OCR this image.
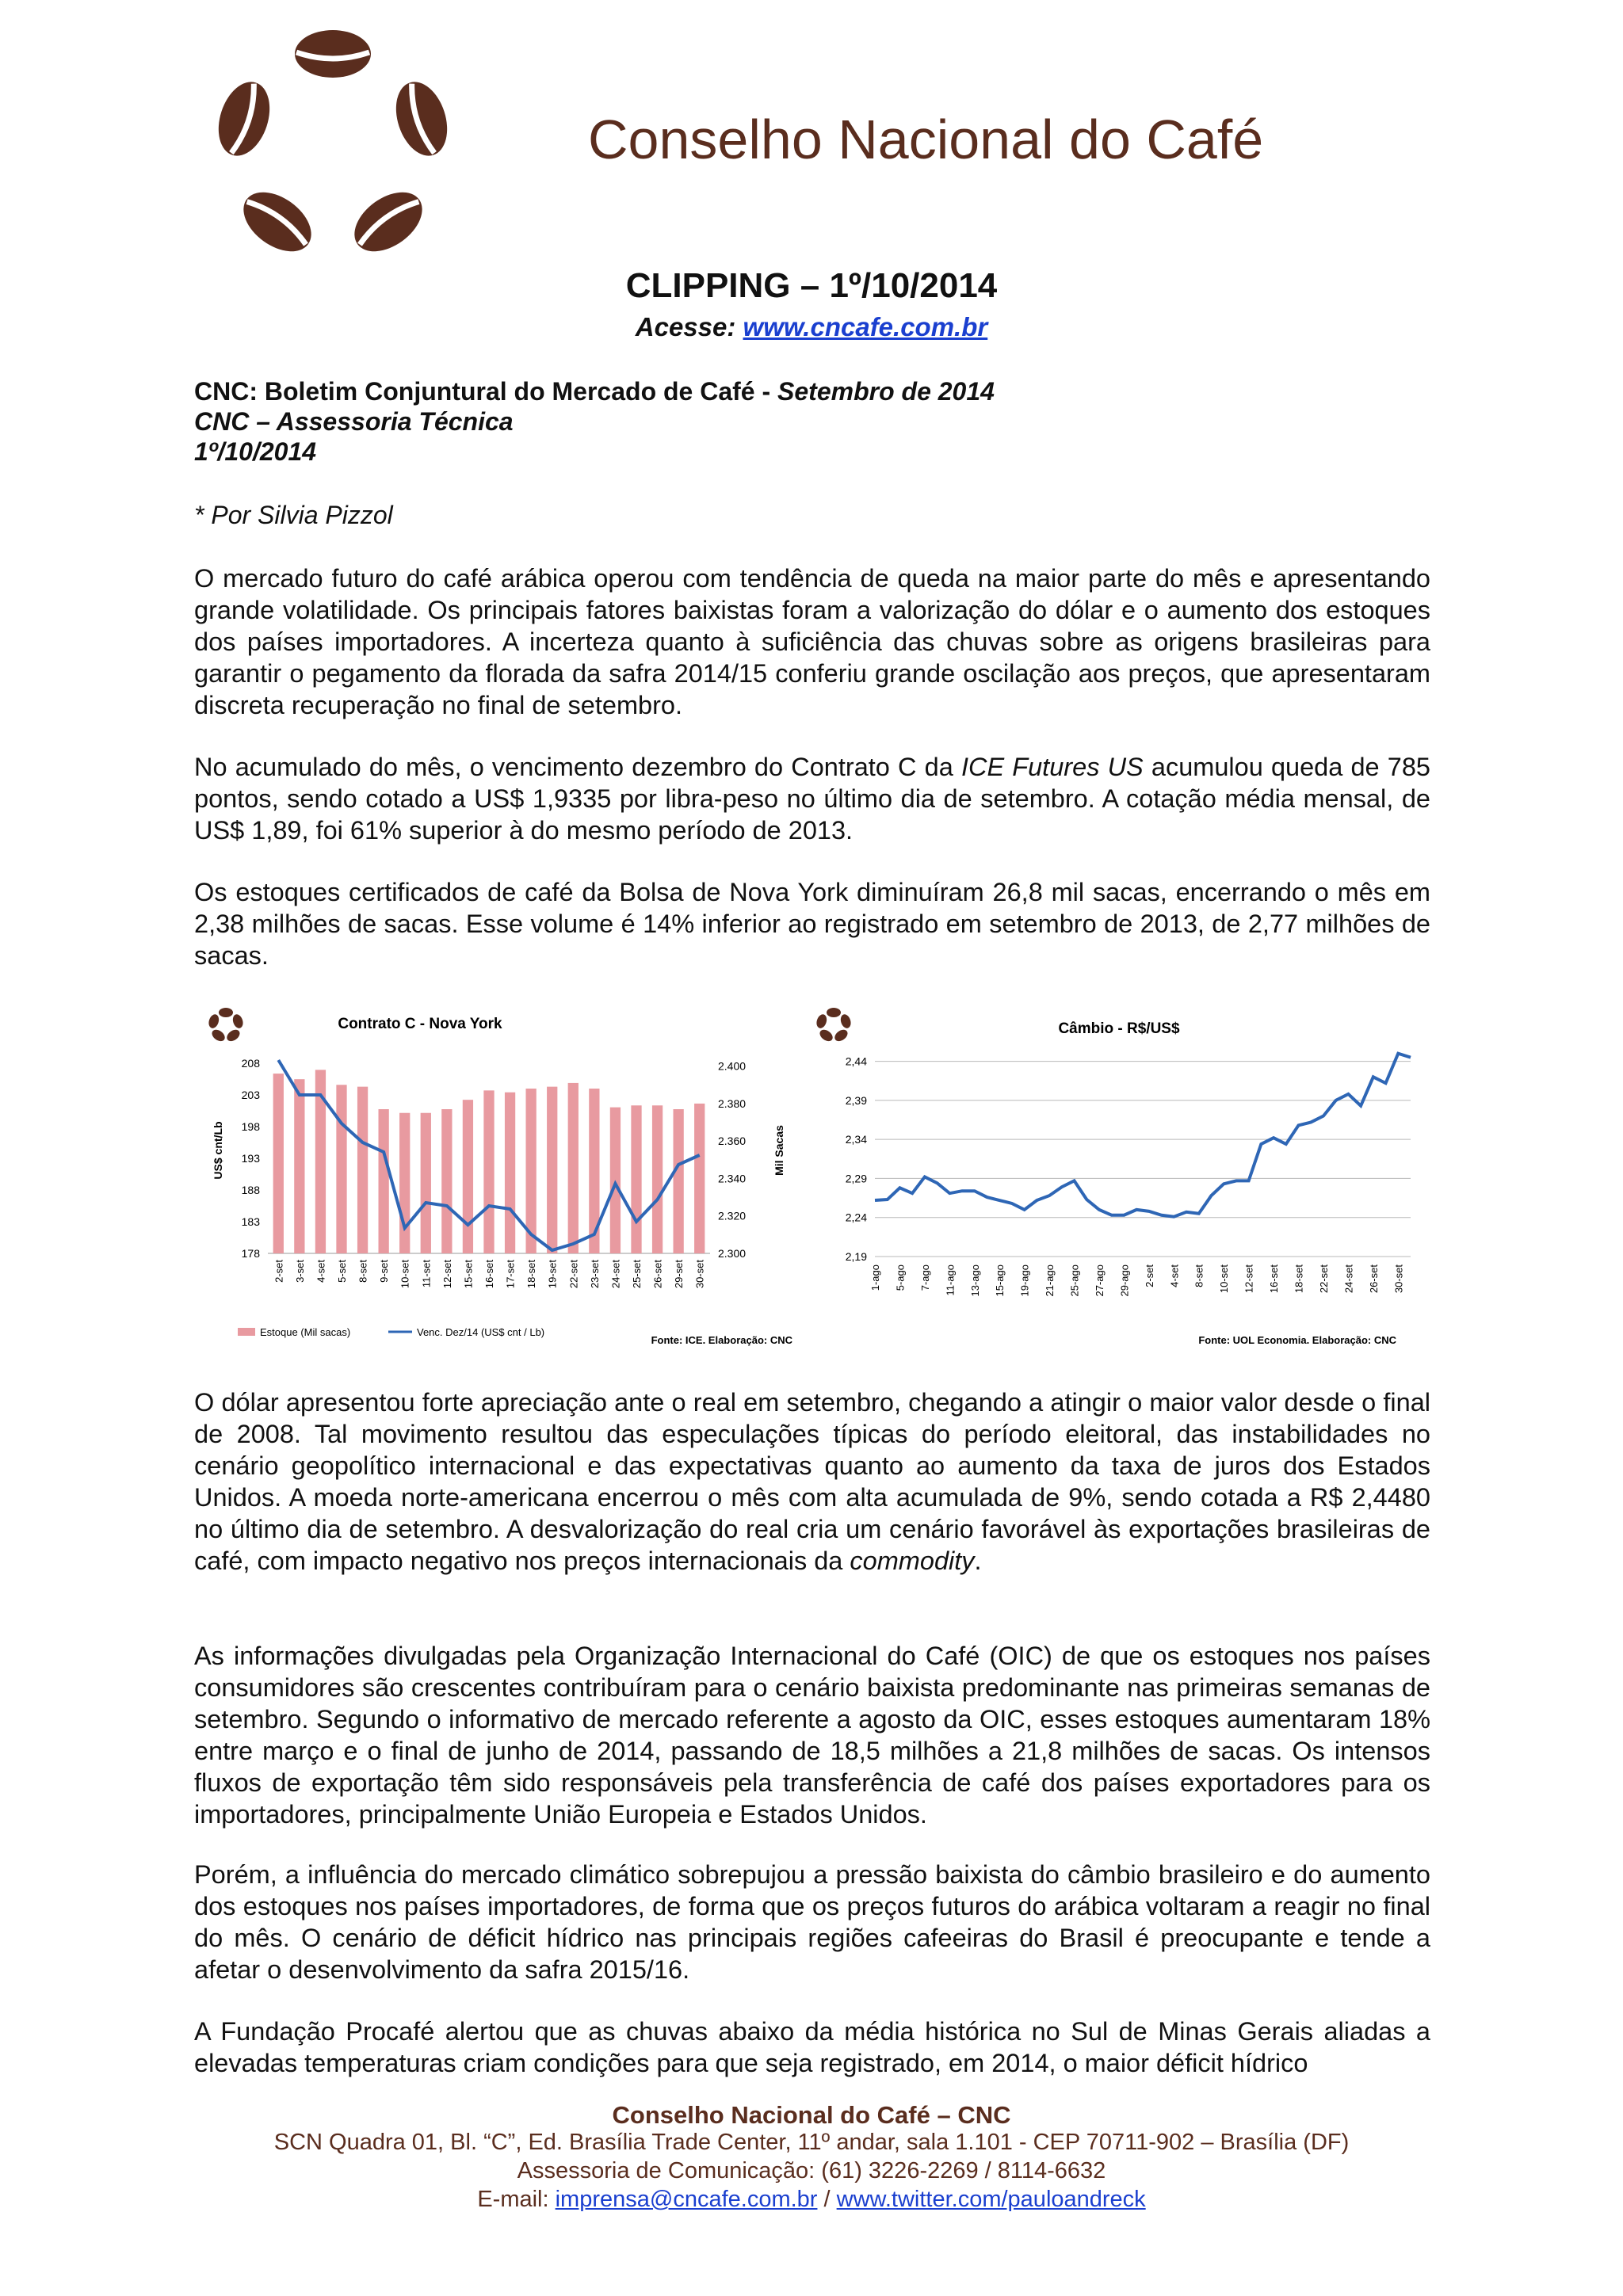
Conselho Nacional do Café
CLIPPING – 1º/10/2014
Acesse: www.cncafe.com.br
CNC: Boletim Conjuntural do Mercado de Café - Setembro de 2014
CNC – Assessoria Técnica
1º/10/2014
* Por Silvia Pizzol

O mercado futuro do café arábica operou com tendência de queda na maior parte do mês e apresentando grande volatilidade. Os principais fatores baixistas foram a valorização do dólar e o aumento dos estoques dos países importadores. A incerteza quanto à suficiência das chuvas sobre as origens brasileiras para garantir o pegamento da florada da safra 2014/15 conferiu grande oscilação aos preços, que apresentaram discreta recuperação no final de setembro.

No acumulado do mês, o vencimento dezembro do Contrato C da ICE Futures US acumulou queda de 785 pontos, sendo cotado a US$ 1,9335 por libra-peso no último dia de setembro. A cotação média mensal, de US$ 1,89, foi 61% superior à do mesmo período de 2013.

Os estoques certificados de café da Bolsa de Nova York diminuíram 26,8 mil sacas, encerrando o mês em 2,38 milhões de sacas. Esse volume é 14% inferior ao registrado em setembro de 2013, de 2,77 milhões de sacas.

Contrato C - Nova York
178
183
188
193
198
203
208
2.300
2.320
2.340
2.360
2.380
2.400
US$ cnt/Lb	Mil Sacas
2-set 3-set 4-set 5-set 8-set 9-set 10-set 11-set 12-set 15-set 16-set 17-set 18-set 19-set 22-set 23-set 24-set 25-set 26-set 29-set 30-set
Estoque (Mil sacas)	Venc. Dez/14 (US$ cnt / Lb)
Fonte: ICE. Elaboração: CNC
Câmbio - R$/US$
2,19
2,24
2,29
2,34
2,39
2,44
1-ago 5-ago 7-ago 11-ago 13-ago 15-ago 19-ago 21-ago 25-ago 27-ago 29-ago 2-set 4-set 8-set 10-set 12-set 16-set 18-set 22-set 24-set 26-set 30-set
Fonte: UOL Economia. Elaboração: CNC

O dólar apresentou forte apreciação ante o real em setembro, chegando a atingir o maior valor desde o final de 2008. Tal movimento resultou das especulações típicas do período eleitoral, das instabilidades no cenário geopolítico internacional e das expectativas quanto ao aumento da taxa de juros dos Estados Unidos. A moeda norte-americana encerrou o mês com alta acumulada de 9%, sendo cotada a R$ 2,4480 no último dia de setembro. A desvalorização do real cria um cenário favorável às exportações brasileiras de café, com impacto negativo nos preços internacionais da commodity.

As informações divulgadas pela Organização Internacional do Café (OIC) de que os estoques nos países consumidores são crescentes contribuíram para o cenário baixista predominante nas primeiras semanas de setembro. Segundo o informativo de mercado referente a agosto da OIC, esses estoques aumentaram 18% entre março e o final de junho de 2014, passando de 18,5 milhões a 21,8 milhões de sacas. Os intensos fluxos de exportação têm sido responsáveis pela transferência de café dos países exportadores para os importadores, principalmente União Europeia e Estados Unidos.

Porém, a influência do mercado climático sobrepujou a pressão baixista do câmbio brasileiro e do aumento dos estoques nos países importadores, de forma que os preços futuros do arábica voltaram a reagir no final do mês. O cenário de déficit hídrico nas principais regiões cafeeiras do Brasil é preocupante e tende a afetar o desenvolvimento da safra 2015/16.

A Fundação Procafé alertou que as chuvas abaixo da média histórica no Sul de Minas Gerais aliadas a elevadas temperaturas criam condições para que seja registrado, em 2014, o maior déficit hídrico

Conselho Nacional do Café – CNC
SCN Quadra 01, Bl. “C”, Ed. Brasília Trade Center, 11º andar, sala 1.101 - CEP 70711-902 – Brasília (DF)
Assessoria de Comunicação: (61) 3226-2269 / 8114-6632
E-mail: imprensa@cncafe.com.br / www.twitter.com/pauloandreck
